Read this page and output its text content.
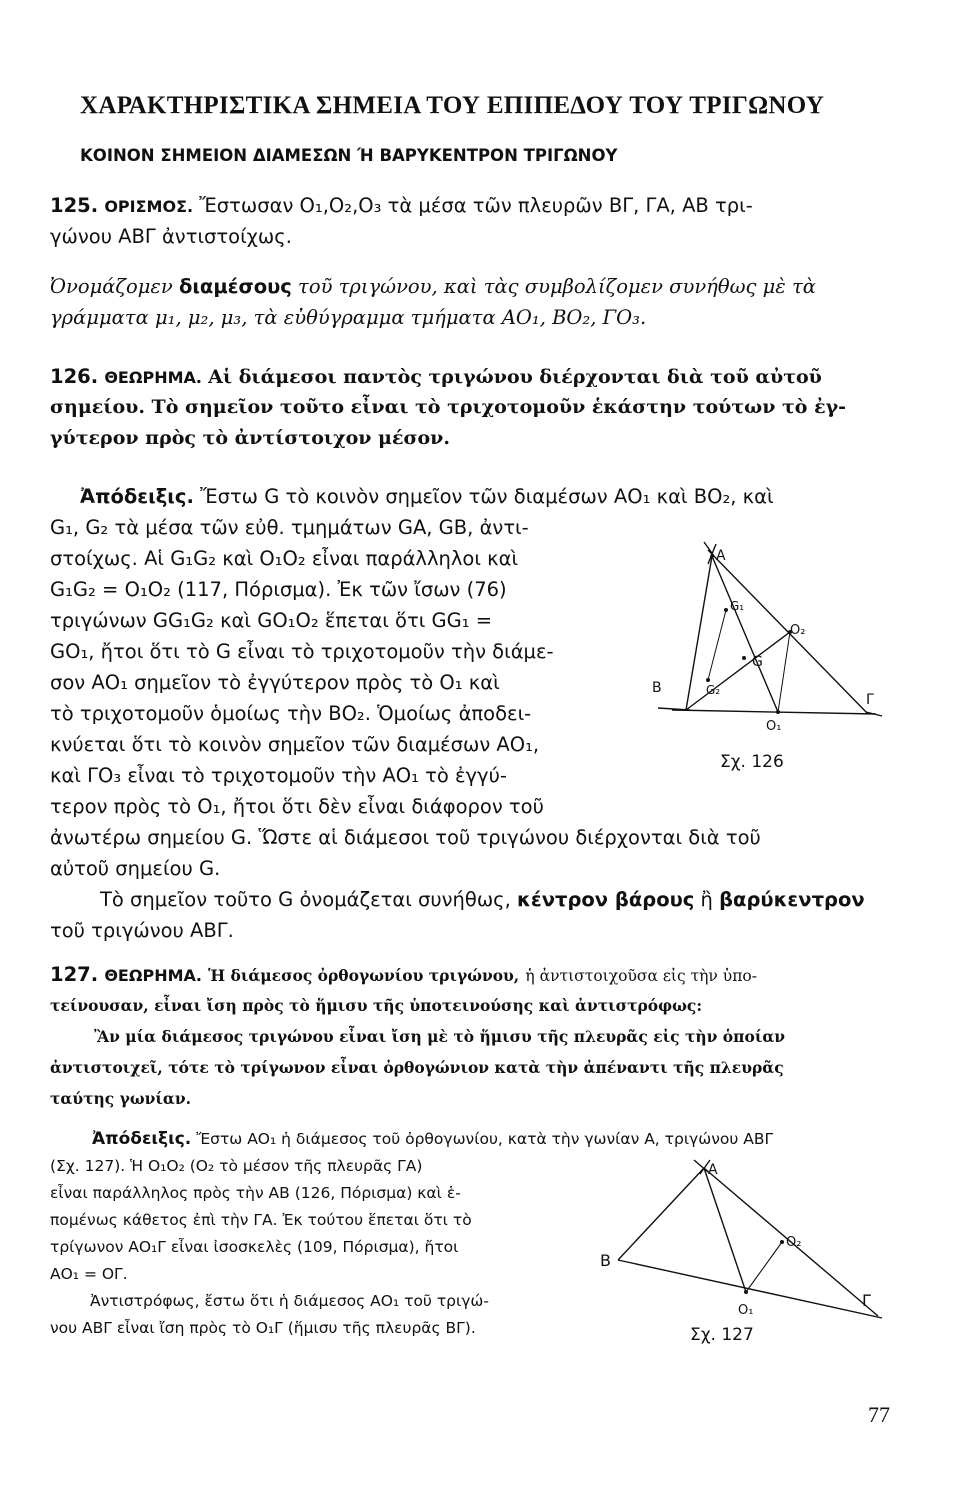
ΧΑΡΑΚΤΗΡΙΣΤΙΚΑ ΣΗΜΕΙΑ ΤΟΥ ΕΠΙΠΕΔΟΥ ΤΟΥ ΤΡΙΓΩΝΟΥ
ΚΟΙΝΟΝ ΣΗΜΕΙΟΝ ΔΙΑΜΕΣΩΝ Ή ΒΑΡΥΚΕΝΤΡΟΝ ΤΡΙΓΩΝΟΥ
125. ΟΡΙΣΜΟΣ. Ἔστωσαν Ο₁,Ο₂,Ο₃ τὰ μέσα τῶν πλευρῶν ΒΓ, ΓΑ, ΑΒ τρι-
γώνου ΑΒΓ ἀντιστοίχως.
Ὀνομάζομεν διαμέσους τοῦ τριγώνου, καὶ τὰς συμβολίζομεν συνήθως μὲ τὰ
γράμματα μ₁, μ₂, μ₃, τὰ εὐθύγραμμα τμήματα ΑΟ₁, ΒΟ₂, ΓΟ₃.
126. ΘΕΩΡΗΜΑ. Αἱ διάμεσοι παντὸς τριγώνου διέρχονται διὰ τοῦ αὐτοῦ
σημείου. Τὸ σημεῖον τοῦτο εἶναι τὸ τριχοτομοῦν ἑκάστην τούτων τὸ ἐγ-
γύτερον πρὸς τὸ ἀντίστοιχον μέσον.
Ἀπόδειξις. Ἔστω G τὸ κοινὸν σημεῖον τῶν διαμέσων ΑΟ₁ καὶ ΒΟ₂, καὶ
G₁, G₂ τὰ μέσα τῶν εὐθ. τμημάτων GA, GB, ἀντι-
στοίχως. Αἱ G₁G₂ καὶ Ο₁Ο₂ εἶναι παράλληλοι καὶ
G₁G₂ = Ο₁Ο₂ (117, Πόρισμα). Ἐκ τῶν ἴσων (76)
τριγώνων GG₁G₂ καὶ GO₁O₂ ἕπεται ὅτι GG₁ =
GO₁, ἤτοι ὅτι τὸ G εἶναι τὸ τριχοτομοῦν τὴν διάμε-
σον ΑΟ₁ σημεῖον τὸ ἐγγύτερον πρὸς τὸ Ο₁ καὶ
τὸ τριχοτομοῦν ὁμοίως τὴν ΒΟ₂. Ὁμοίως ἀποδει-
κνύεται ὅτι τὸ κοινὸν σημεῖον τῶν διαμέσων ΑΟ₁,
καὶ ΓΟ₃ εἶναι τὸ τριχοτομοῦν τὴν ΑΟ₁ τὸ ἐγγύ-
τερον πρὸς τὸ Ο₁, ἤτοι ὅτι δὲν εἶναι διάφορον τοῦ
ἀνωτέρω σημείου G. Ὥστε αἱ διάμεσοι τοῦ τριγώνου διέρχονται διὰ τοῦ
αὐτοῦ σημείου G.
Τὸ σημεῖον τοῦτο G ὀνομάζεται συνήθως, κέντρον βάρους ἢ βαρύκεντρον
τοῦ τριγώνου ΑΒΓ.
A
B
Γ
G
G₁
G₂
O₁
O₂
Σχ. 126
127. ΘΕΩΡΗΜΑ. Ἡ διάμεσος ὀρθογωνίου τριγώνου, ἡ ἀντιστοιχοῦσα εἰς τὴν ὑπο-
τείνουσαν, εἶναι ἴση πρὸς τὸ ἥμισυ τῆς ὑποτεινούσης καὶ ἀντιστρόφως:
Ἂν μία διάμεσος τριγώνου εἶναι ἴση μὲ τὸ ἥμισυ τῆς πλευρᾶς εἰς τὴν ὁποίαν
ἀντιστοιχεῖ, τότε τὸ τρίγωνον εἶναι ὀρθογώνιον κατὰ τὴν ἀπέναντι τῆς πλευρᾶς
ταύτης γωνίαν.
Ἀπόδειξις. Ἔστω ΑΟ₁ ἡ διάμεσος τοῦ ὀρθογωνίου, κατὰ τὴν γωνίαν Α, τριγώνου ΑΒΓ
(Σχ. 127). Ἡ Ο₁Ο₂ (Ο₂ τὸ μέσον τῆς πλευρᾶς ΓΑ)
εἶναι παράλληλος πρὸς τὴν ΑΒ (126, Πόρισμα) καὶ ἑ-
πομένως κάθετος ἐπὶ τὴν ΓΑ. Ἐκ τούτου ἕπεται ὅτι τὸ
τρίγωνον ΑΟ₁Γ εἶναι ἰσοσκελὲς (109, Πόρισμα), ἤτοι
ΑΟ₁ = ΟΓ.
Ἀντιστρόφως, ἔστω ὅτι ἡ διάμεσος ΑΟ₁ τοῦ τριγώ-
νου ΑΒΓ εἶναι ἴση πρὸς τὸ Ο₁Γ (ἥμισυ τῆς πλευρᾶς ΒΓ).
A
B
Γ
O₁
O₂
Σχ. 127
77
